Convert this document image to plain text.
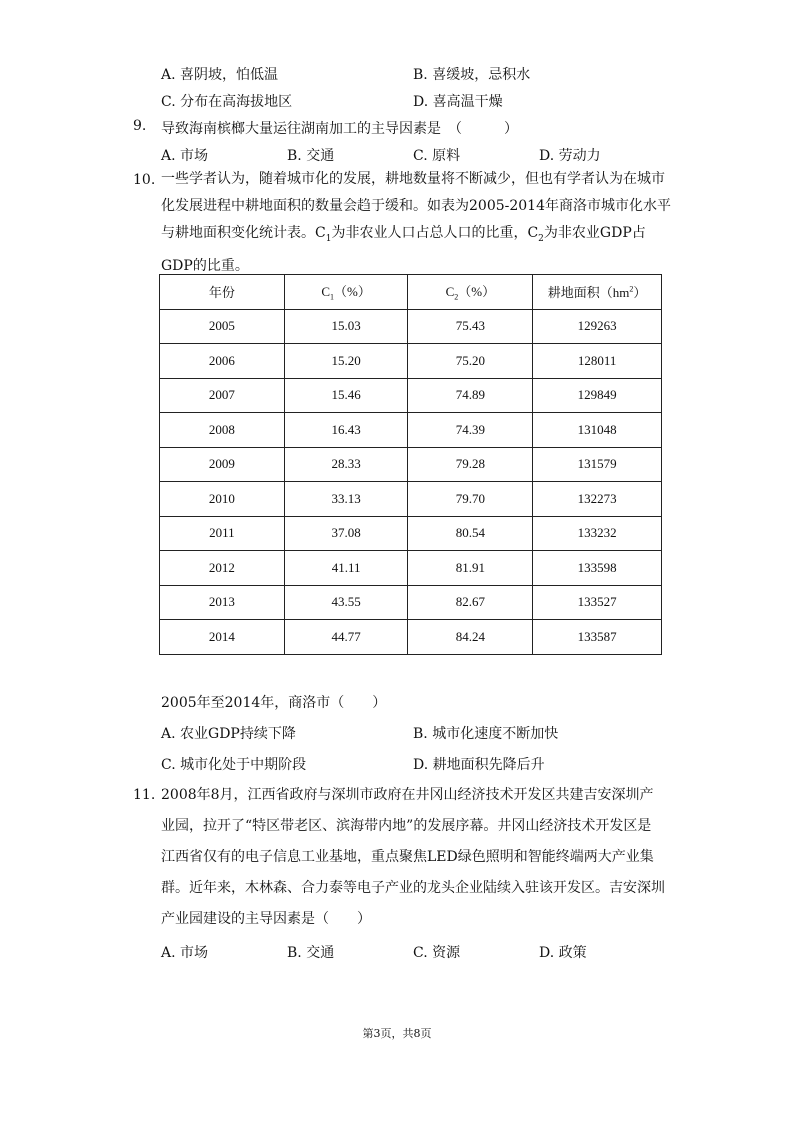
A. 喜阴坡，怕低温	B. 喜缓坡，忌积水
C. 分布在高海拔地区	D. 喜高温干燥
9. 导致海南槟榔大量运往湖南加工的主导因素是　（　　　）
A. 市场	B. 交通	C. 原料	D. 劳动力
10. 一些学者认为，随着城市化的发展，耕地数量将不断减少，但也有学者认为在城市
化发展进程中耕地面积的数量会趋于缓和。如表为2005-2014年商洛市城市化水平
与耕地面积变化统计表。$C_1$为非农业人口占总人口的比重，$C_2$为非农业GDP占
GDP的比重。
年份	$C_1(\%)$	$C_2(\%)$	耕地面积$(hm^2)$
2005	15.03	75.43	129263
2006	15.20	75.20	128011
2007	15.46	74.89	129849
2008	16.43	74.39	131048
2009	28.33	79.28	131579
2010	33.13	79.70	132273
2011	37.08	80.54	133232
2012	41.11	81.91	133598
2013	43.55	82.67	133527
2014	44.77	84.24	133587
2005年至2014年，商洛市（　　）
A. 农业GDP持续下降	B. 城市化速度不断加快
C. 城市化处于中期阶段	D. 耕地面积先降后升
11. 2008年8月，江西省政府与深圳市政府在井冈山经济技术开发区共建吉安深圳产
业园，拉开了“特区带老区、滨海带内地”的发展序幕。井冈山经济技术开发区是
江西省仅有的电子信息工业基地，重点聚焦LED绿色照明和智能终端两大产业集
群。近年来，木林森、合力泰等电子产业的龙头企业陆续入驻该开发区。吉安深圳
产业园建设的主导因素是（　　）
A. 市场	B. 交通	C. 资源	D. 政策
第3页，共8页
